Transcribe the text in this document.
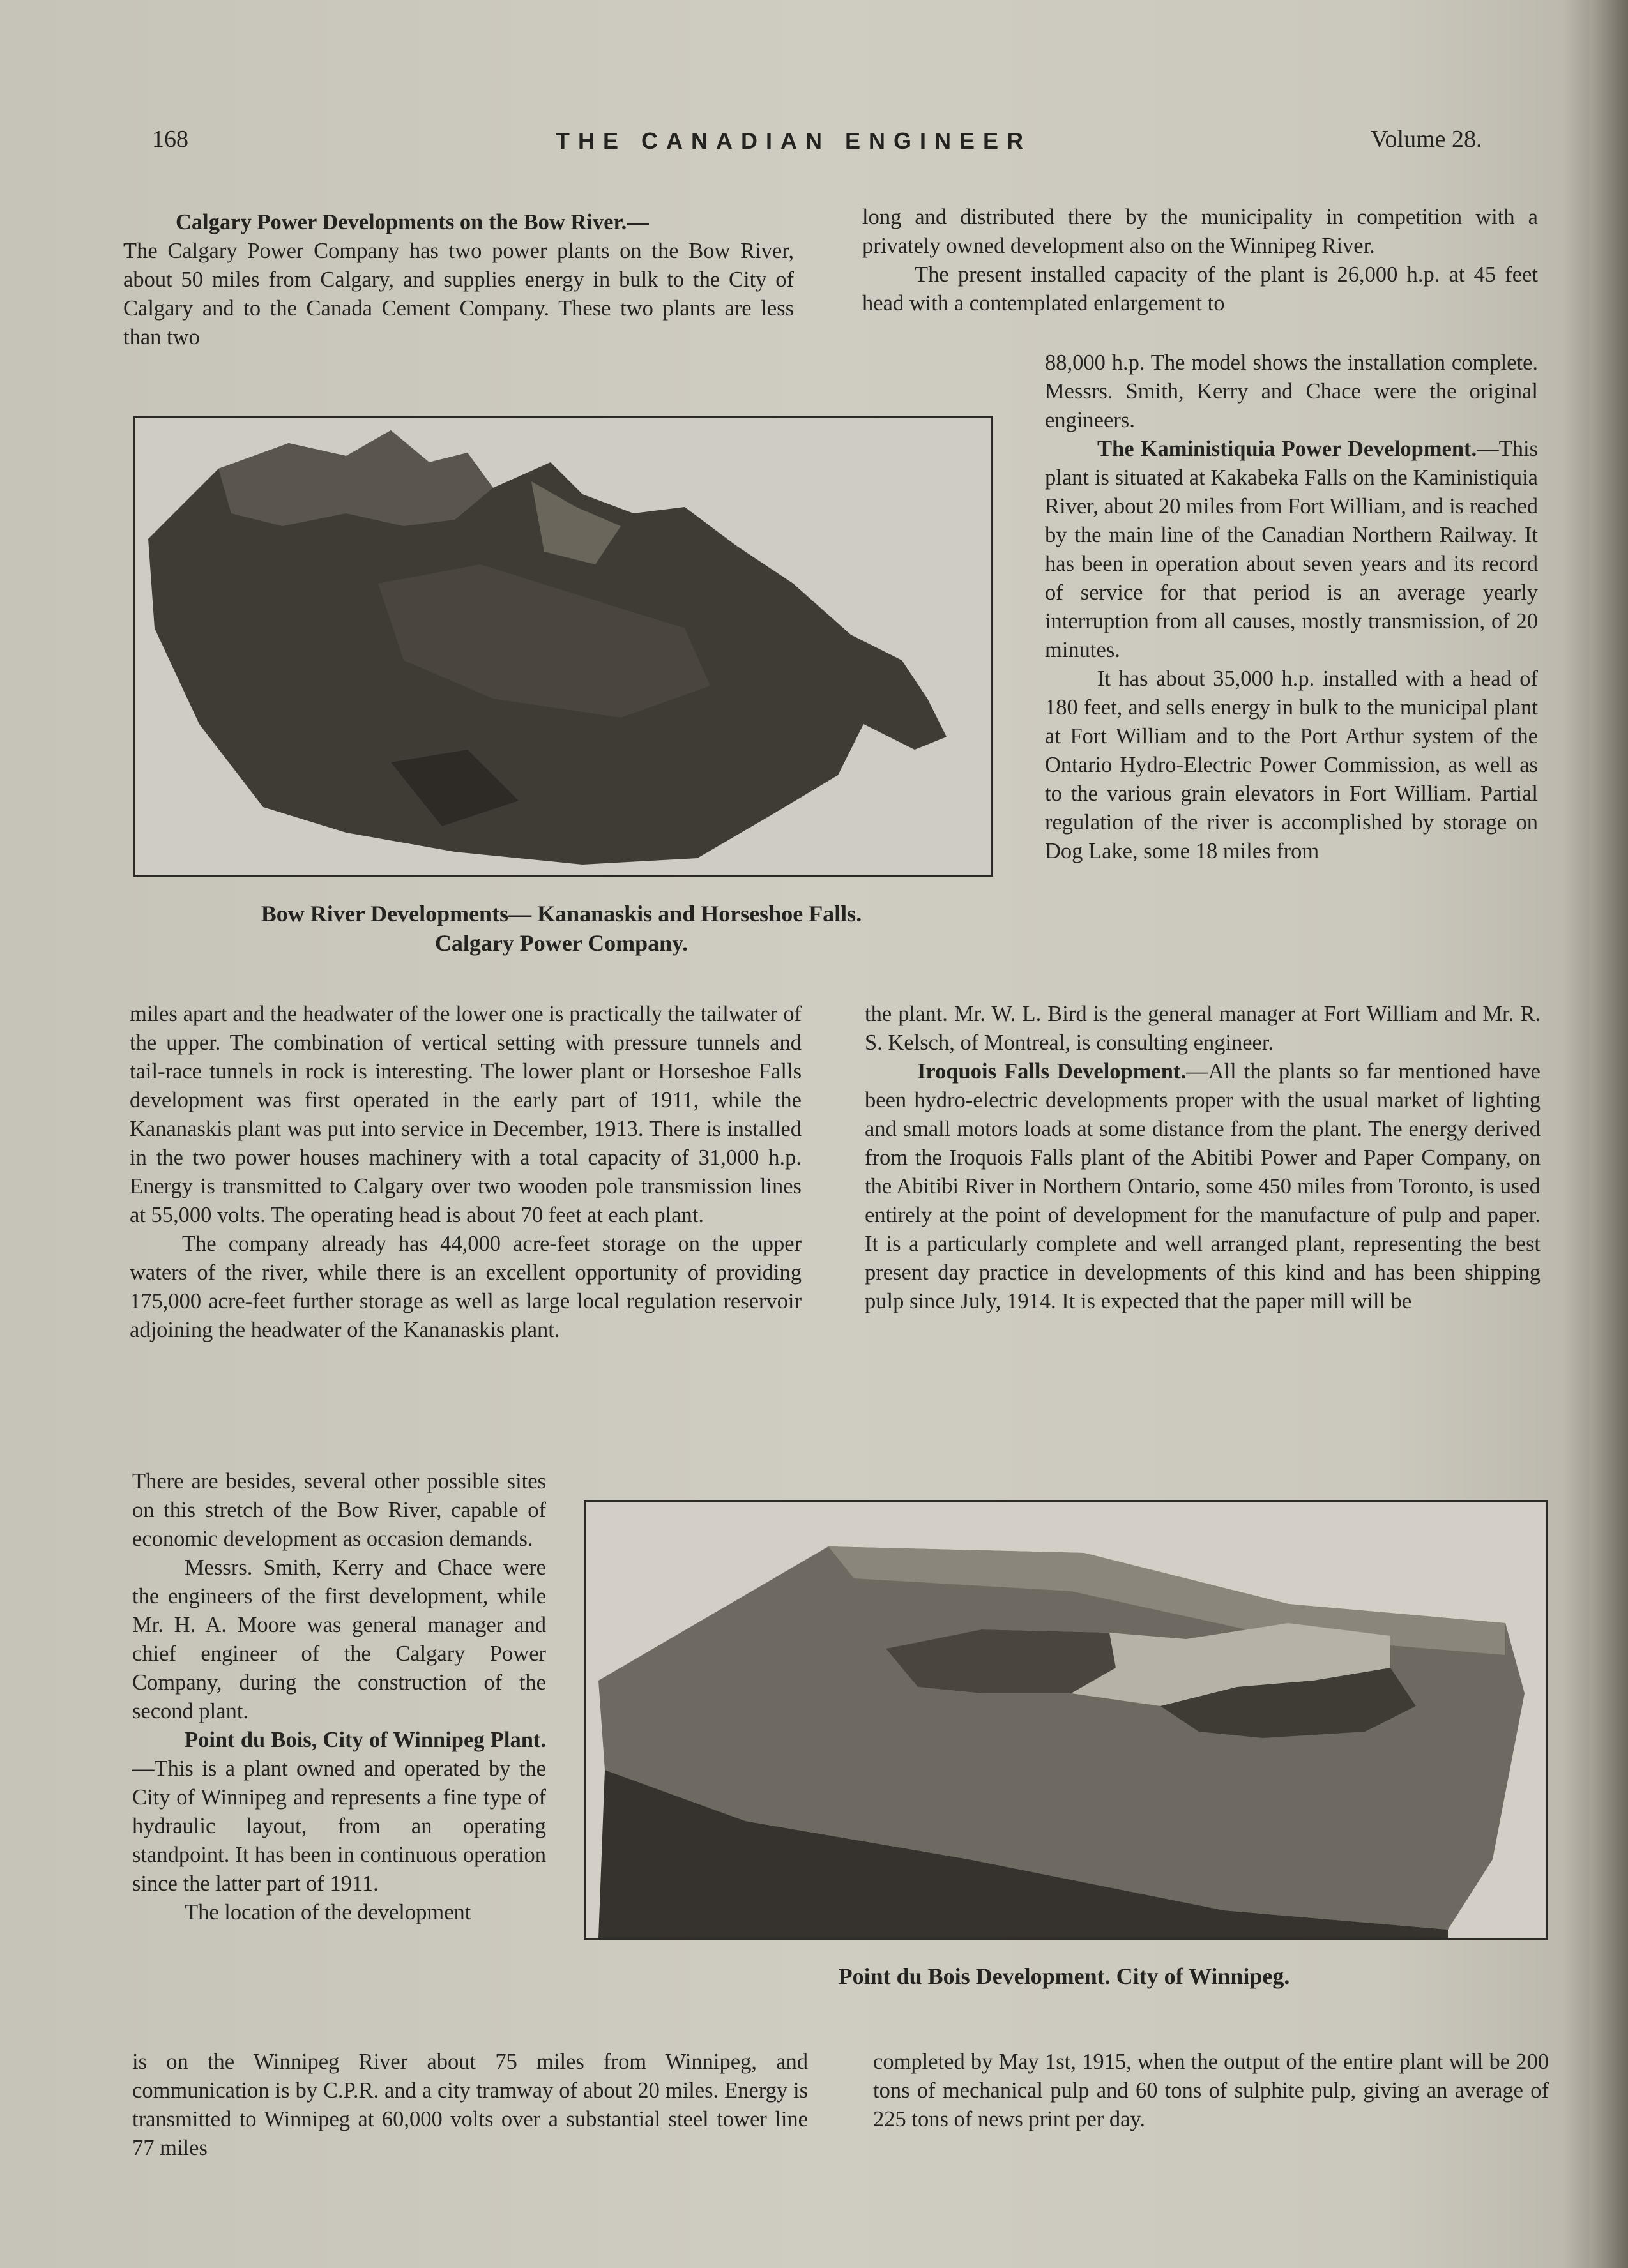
168	THE CANADIAN ENGINEER	Volume 28.

Calgary Power Developments on the Bow River.—

The Calgary Power Company has two power plants on the Bow River, about 50 miles from Calgary, and supplies energy in bulk to the City of Calgary and to the Canada Cement Company. These two plants are less than two

Bow River Developments— Kananaskis and Horseshoe Falls.
Calgary Power Company.

miles apart and the headwater of the lower one is practically the tailwater of the upper. The combination of vertical setting with pressure tunnels and tail-race tunnels in rock is interesting. The lower plant or Horseshoe Falls development was first operated in the early part of 1911, while the Kananaskis plant was put into service in December, 1913. There is installed in the two power houses machinery with a total capacity of 31,000 h.p. Energy is transmitted to Calgary over two wooden pole transmission lines at 55,000 volts. The operating head is about 70 feet at each plant.

The company already has 44,000 acre-feet storage on the upper waters of the river, while there is an excellent opportunity of providing 175,000 acre-feet further storage as well as large local regulation reservoir adjoining the headwater of the Kananaskis plant.

There are besides, several other possible sites on this stretch of the Bow River, capable of economic development as occasion demands.

Messrs. Smith, Kerry and Chace were the engineers of the first development, while Mr. H. A. Moore was general manager and chief engineer of the Calgary Power Company, during the construction of the second plant.

Point du Bois, City of Winnipeg Plant.—This is a plant owned and operated by the City of Winnipeg and represents a fine type of hydraulic layout, from an operating standpoint. It has been in continuous operation since the latter part of 1911.

The location of the development

is on the Winnipeg River about 75 miles from Winnipeg, and communication is by C.P.R. and a city tramway of about 20 miles. Energy is transmitted to Winnipeg at 60,000 volts over a substantial steel tower line 77 miles

long and distributed there by the municipality in competition with a privately owned development also on the Winnipeg River.

The present installed capacity of the plant is 26,000 h.p. at 45 feet head with a contemplated enlargement to

88,000 h.p. The model shows the installation complete. Messrs. Smith, Kerry and Chace were the original engineers.

The Kaministiquia Power Development.—This plant is situated at Kakabeka Falls on the Kaministiquia River, about 20 miles from Fort William, and is reached by the main line of the Canadian Northern Railway. It has been in operation about seven years and its record of service for that period is an average yearly interruption from all causes, mostly transmission, of 20 minutes.

It has about 35,000 h.p. installed with a head of 180 feet, and sells energy in bulk to the municipal plant at Fort William and to the Port Arthur system of the Ontario Hydro-Electric Power Commission, as well as to the various grain elevators in Fort William. Partial regulation of the river is accomplished by storage on Dog Lake, some 18 miles from

the plant. Mr. W. L. Bird is the general manager at Fort William and Mr. R. S. Kelsch, of Montreal, is consulting engineer.

Iroquois Falls Development.—All the plants so far mentioned have been hydro-electric developments proper with the usual market of lighting and small motors loads at some distance from the plant. The energy derived from the Iroquois Falls plant of the Abitibi Power and Paper Company, on the Abitibi River in Northern Ontario, some 450 miles from Toronto, is used entirely at the point of development for the manufacture of pulp and paper. It is a particularly complete and well arranged plant, representing the best present day practice in developments of this kind and has been shipping pulp since July, 1914. It is expected that the paper mill will be

Point du Bois Development. City of Winnipeg.

completed by May 1st, 1915, when the output of the entire plant will be 200 tons of mechanical pulp and 60 tons of sulphite pulp, giving an average of 225 tons of news print per day.
